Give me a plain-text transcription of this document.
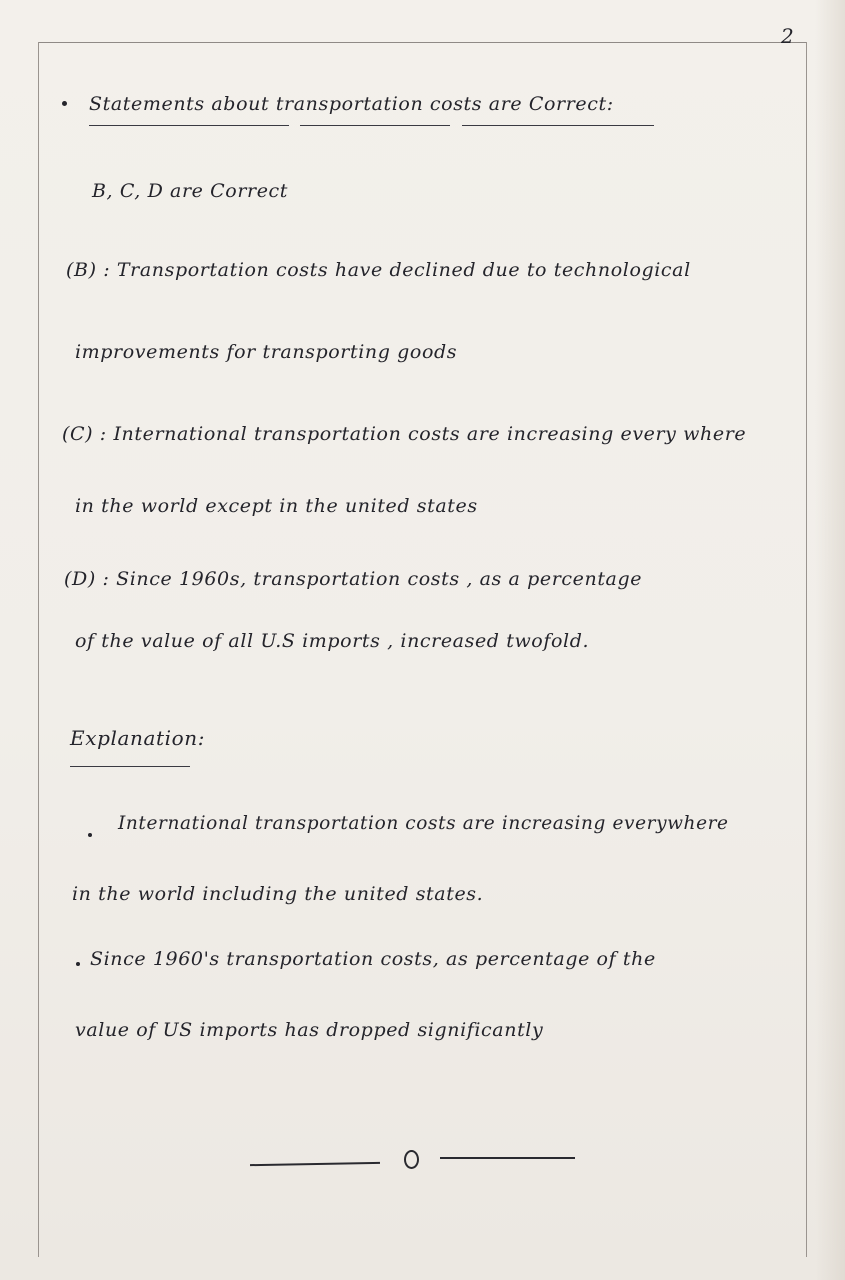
2
Statements about transportation costs are Correct:
B, C, D are Correct
(B) : Transportation costs have declined due to technological
improvements for transporting goods
(C) : International transportation costs are increasing every where
in the world except in the united states
(D) : Since 1960s, transportation costs , as a percentage
of the value of all U.S imports , increased twofold.
Explanation:
International transportation costs are increasing everywhere
in the world including the united states.
Since 1960's transportation costs, as percentage of the
value of US imports has dropped significantly
